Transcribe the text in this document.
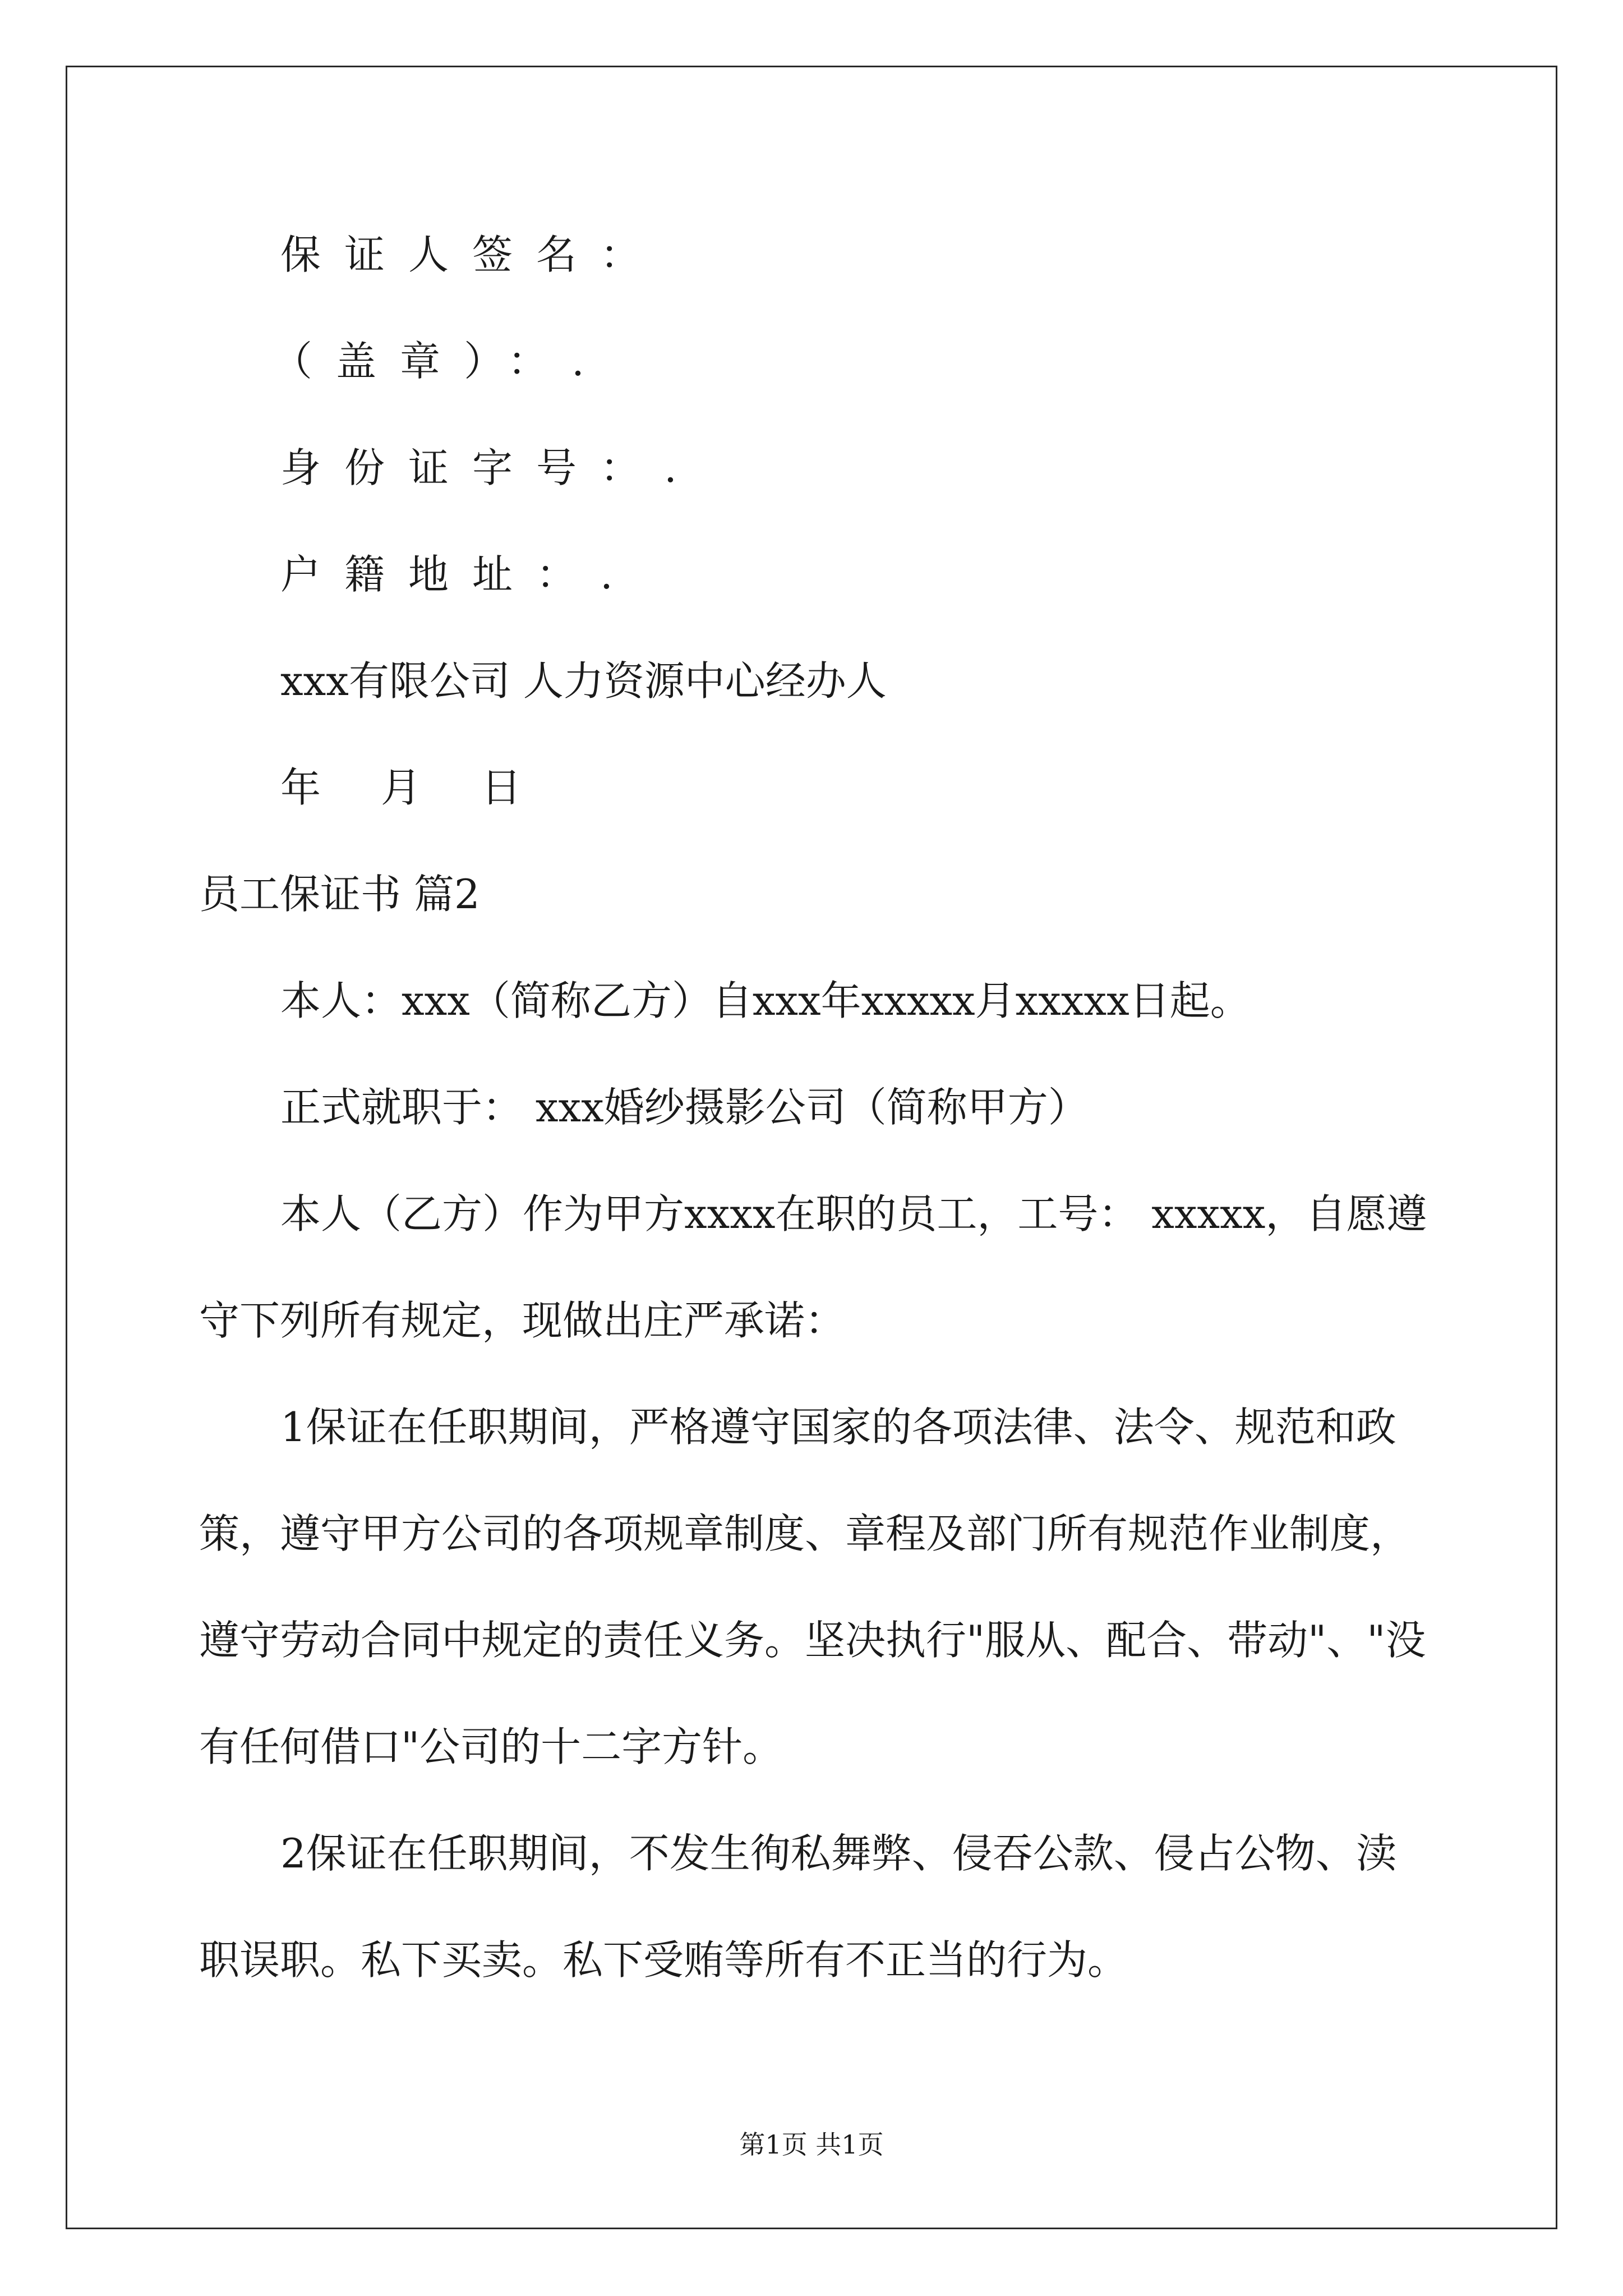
保证人签名：
（盖章）：.
身份证字号：.
户籍地址：.
xxx有限公司 人力资源中心经办人
年 月 日
员工保证书 篇2
本人：xxx（简称乙方）自xxx年xxxxx月xxxxx日起。
正式就职于： xxx婚纱摄影公司（简称甲方）
本人（乙方）作为甲方xxxx在职的员工，工号： xxxxx，自愿遵
守下列所有规定，现做出庄严承诺：
1保证在任职期间，严格遵守国家的各项法律、法令、规范和政
策，遵守甲方公司的各项规章制度、章程及部门所有规范作业制度，
遵守劳动合同中规定的责任义务。坚决执行"服从、配合、带动"、"没
有任何借口"公司的十二字方针。
2保证在任职期间，不发生徇私舞弊、侵吞公款、侵占公物、渎
职误职。私下买卖。私下受贿等所有不正当的行为。
第1页 共1页
